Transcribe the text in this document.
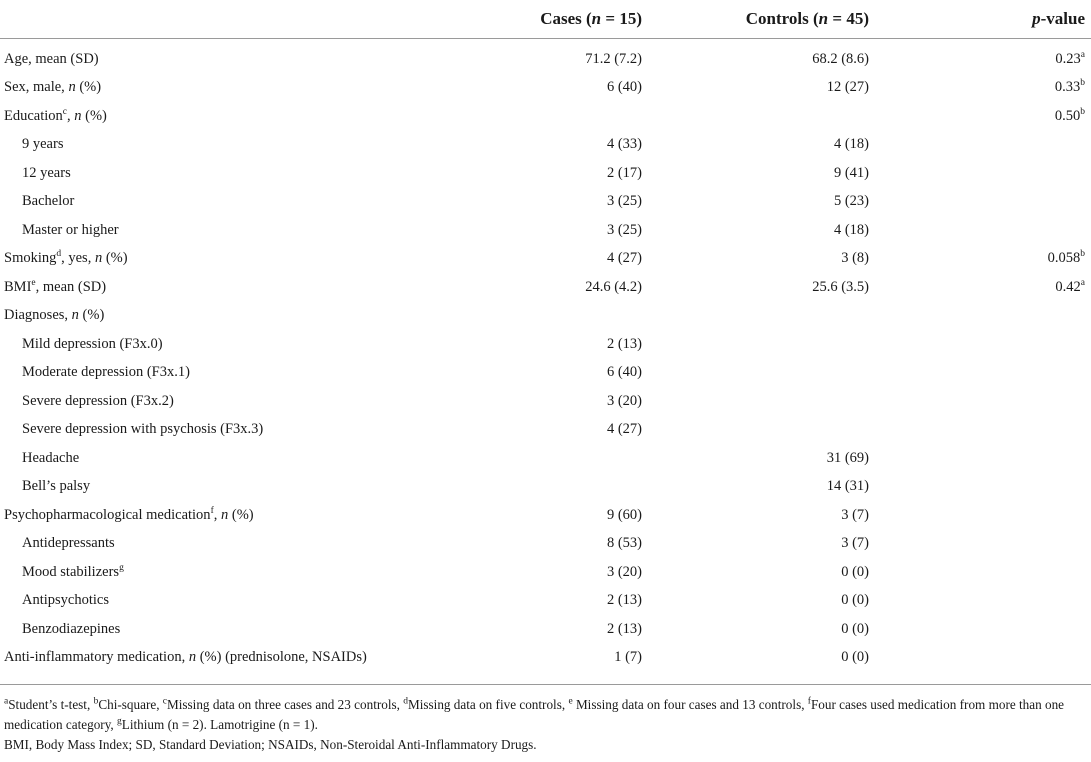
	Cases (n = 15)	Controls (n = 45)	p-value
Age, mean (SD)	71.2 (7.2)	68.2 (8.6)	0.23$^a$
Sex, male, n (%)	6 (40)	12 (27)	0.33$^b$
Education$^c$, n (%)			0.50$^b$
9 years	4 (33)	4 (18)	
12 years	2 (17)	9 (41)	
Bachelor	3 (25)	5 (23)	
Master or higher	3 (25)	4 (18)	
Smoking$^d$, yes, n (%)	4 (27)	3 (8)	0.058$^b$
BMI$^e$, mean (SD)	24.6 (4.2)	25.6 (3.5)	0.42$^a$
Diagnoses, n (%)			
Mild depression (F3x.0)	2 (13)		
Moderate depression (F3x.1)	6 (40)		
Severe depression (F3x.2)	3 (20)		
Severe depression with psychosis (F3x.3)	4 (27)		
Headache		31 (69)	
Bell’s palsy		14 (31)	
Psychopharmacological medication$^f$, n (%)	9 (60)	3 (7)	
Antidepressants	8 (53)	3 (7)	
Mood stabilizers$^g$	3 (20)	0 (0)	
Antipsychotics	2 (13)	0 (0)	
Benzodiazepines	2 (13)	0 (0)	
Anti-inflammatory medication, n (%) (prednisolone, NSAIDs)	1 (7)	0 (0)	

$^a$Student’s t-test, $^b$Chi-square, $^c$Missing data on three cases and 23 controls, $^d$Missing data on five controls, $^e$ Missing data on four cases and 13 controls, $^f$Four cases used medication from more than one medication category, $^g$Lithium (n = 2). Lamotrigine (n = 1).

BMI, Body Mass Index; SD, Standard Deviation; NSAIDs, Non-Steroidal Anti-Inflammatory Drugs.
